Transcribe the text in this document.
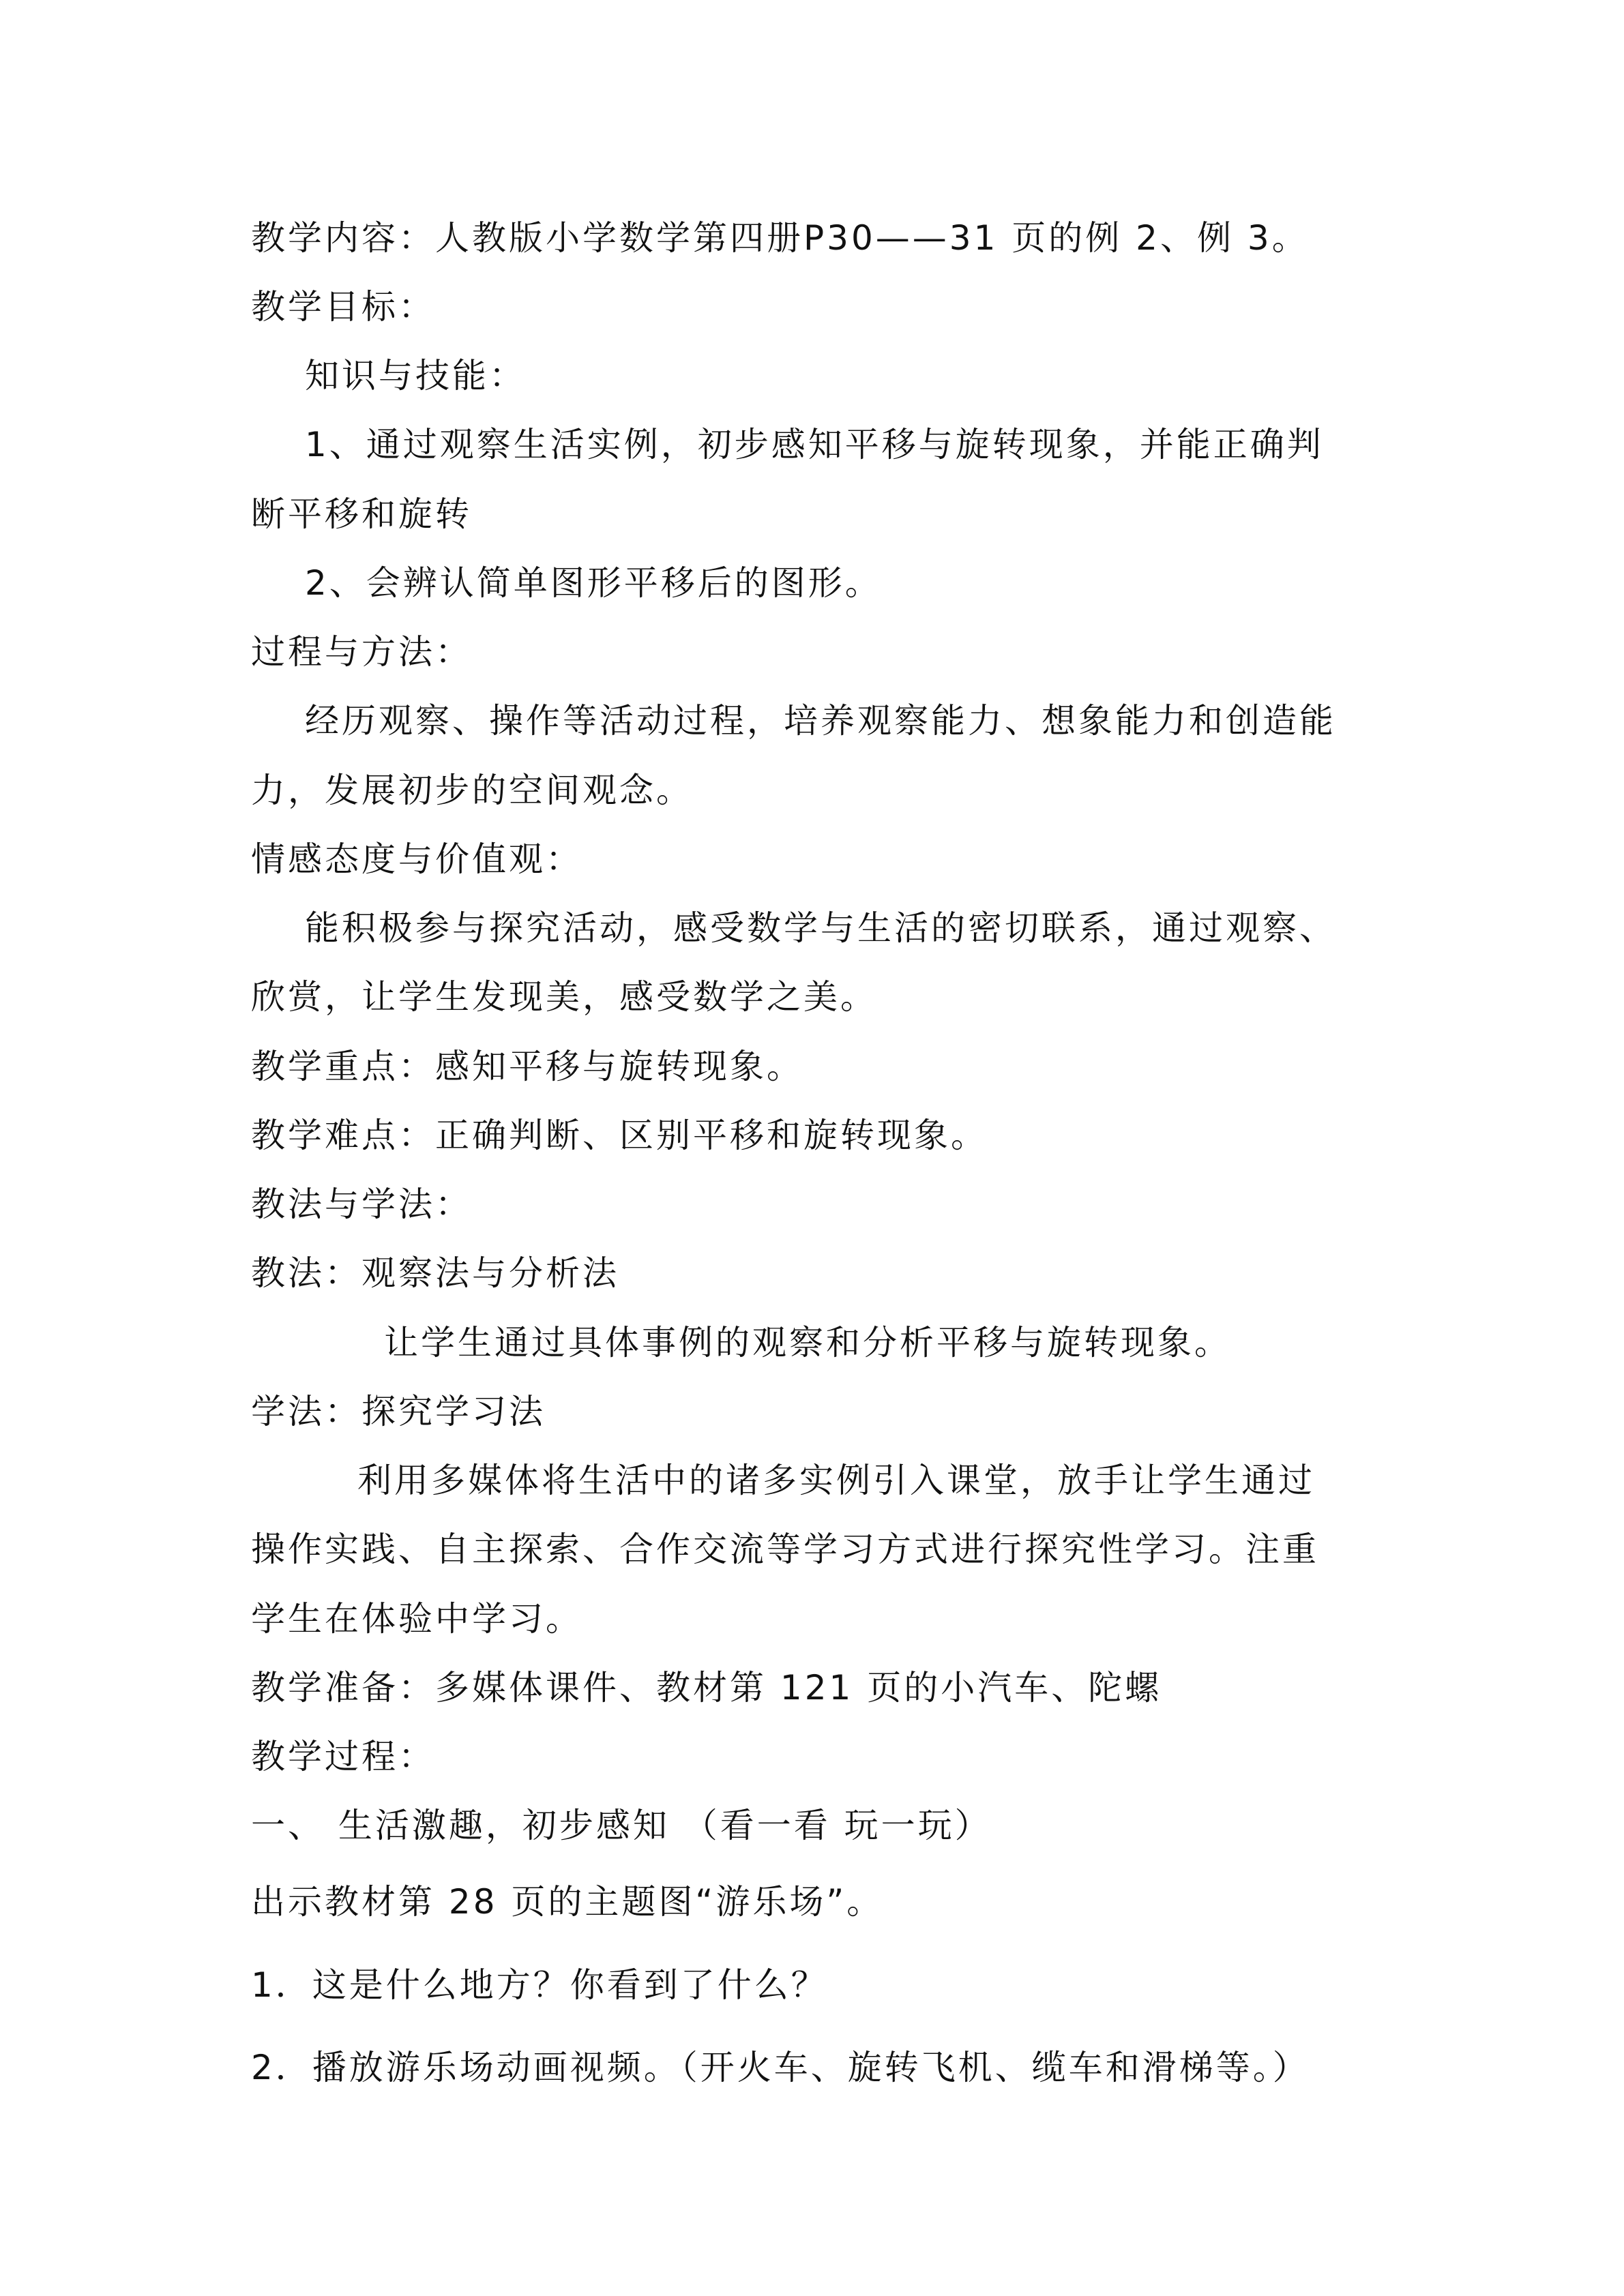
教学内容：人教版小学数学第四册P30——31 页的例 2、例 3。
教学目标：
知识与技能：
1、通过观察生活实例，初步感知平移与旋转现象，并能正确判
断平移和旋转
2、会辨认简单图形平移后的图形。
过程与方法：
经历观察、操作等活动过程，培养观察能力、想象能力和创造能
力，发展初步的空间观念。
情感态度与价值观：
能积极参与探究活动，感受数学与生活的密切联系，通过观察、
欣赏，让学生发现美，感受数学之美。
教学重点：感知平移与旋转现象。
教学难点：正确判断、区别平移和旋转现象。
教法与学法：
教法：观察法与分析法
让学生通过具体事例的观察和分析平移与旋转现象。
学法：探究学习法
利用多媒体将生活中的诸多实例引入课堂，放手让学生通过
操作实践、自主探索、合作交流等学习方式进行探究性学习。注重
学生在体验中学习。
教学准备：多媒体课件、教材第 121 页的小汽车、陀螺
教学过程：
一、 生活激趣，初步感知 （看一看 玩一玩）
出示教材第 28 页的主题图“游乐场”。
1．这是什么地方？你看到了什么？
2．播放游乐场动画视频。（开火车、旋转飞机、缆车和滑梯等。）
